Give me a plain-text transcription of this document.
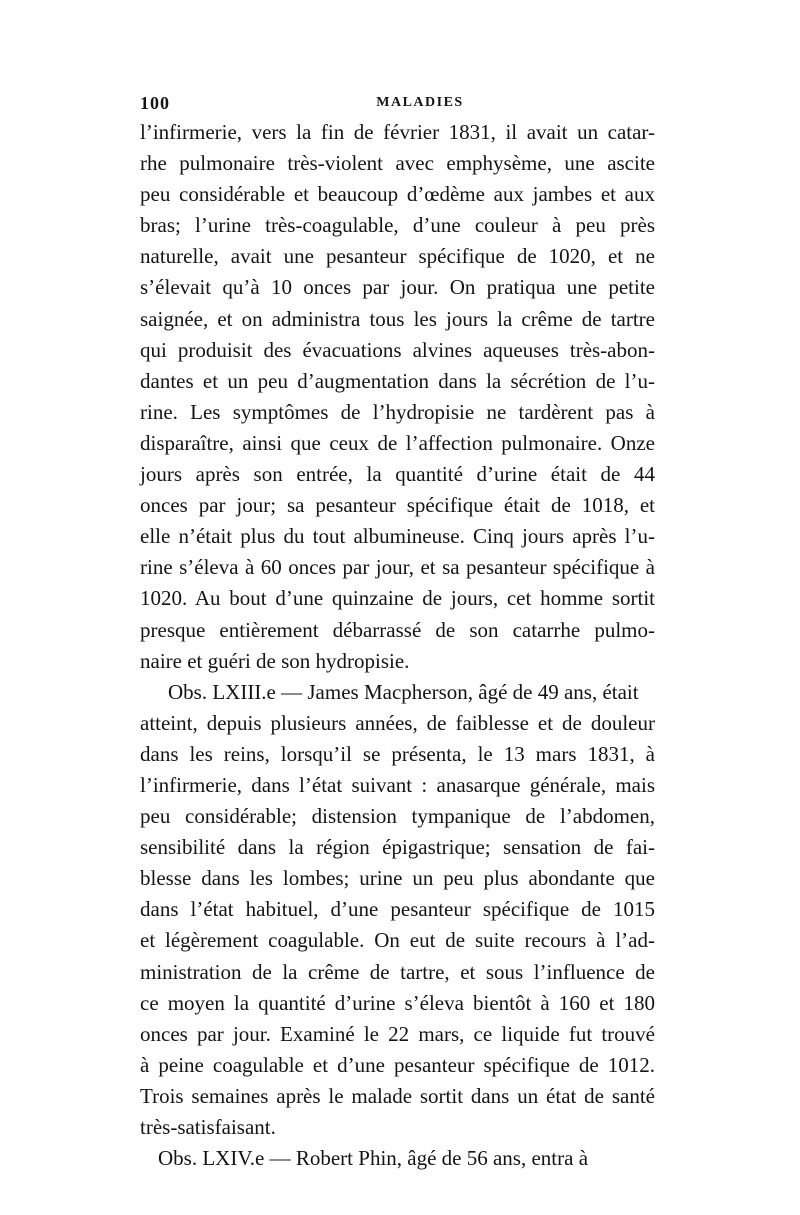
100	MALADIES
l’infirmerie, vers la fin de février 1831, il avait un catar-
rhe pulmonaire très-violent avec emphysème, une ascite
peu considérable et beaucoup d’œdème aux jambes et aux
bras; l’urine très-coagulable, d’une couleur à peu près
naturelle, avait une pesanteur spécifique de 1020, et ne
s’élevait qu’à 10 onces par jour. On pratiqua une petite
saignée, et on administra tous les jours la crême de tartre
qui produisit des évacuations alvines aqueuses très-abon-
dantes et un peu d’augmentation dans la sécrétion de l’u-
rine. Les symptômes de l’hydropisie ne tardèrent pas à
disparaître, ainsi que ceux de l’affection pulmonaire. Onze
jours après son entrée, la quantité d’urine était de 44
onces par jour; sa pesanteur spécifique était de 1018, et
elle n’était plus du tout albumineuse. Cinq jours après l’u-
rine s’éleva à 60 onces par jour, et sa pesanteur spécifique à
1020. Au bout d’une quinzaine de jours, cet homme sortit
presque entièrement débarrassé de son catarrhe pulmo-
naire et guéri de son hydropisie.
Obs. LXIII.e — James Macpherson, âgé de 49 ans, était
atteint, depuis plusieurs années, de faiblesse et de douleur
dans les reins, lorsqu’il se présenta, le 13 mars 1831, à
l’infirmerie, dans l’état suivant : anasarque générale, mais
peu considérable; distension tympanique de l’abdomen,
sensibilité dans la région épigastrique; sensation de fai-
blesse dans les lombes; urine un peu plus abondante que
dans l’état habituel, d’une pesanteur spécifique de 1015
et légèrement coagulable. On eut de suite recours à l’ad-
ministration de la crême de tartre, et sous l’influence de
ce moyen la quantité d’urine s’éleva bientôt à 160 et 180
onces par jour. Examiné le 22 mars, ce liquide fut trouvé
à peine coagulable et d’une pesanteur spécifique de 1012.
Trois semaines après le malade sortit dans un état de santé
très-satisfaisant.
Obs. LXIV.e — Robert Phin, âgé de 56 ans, entra à
